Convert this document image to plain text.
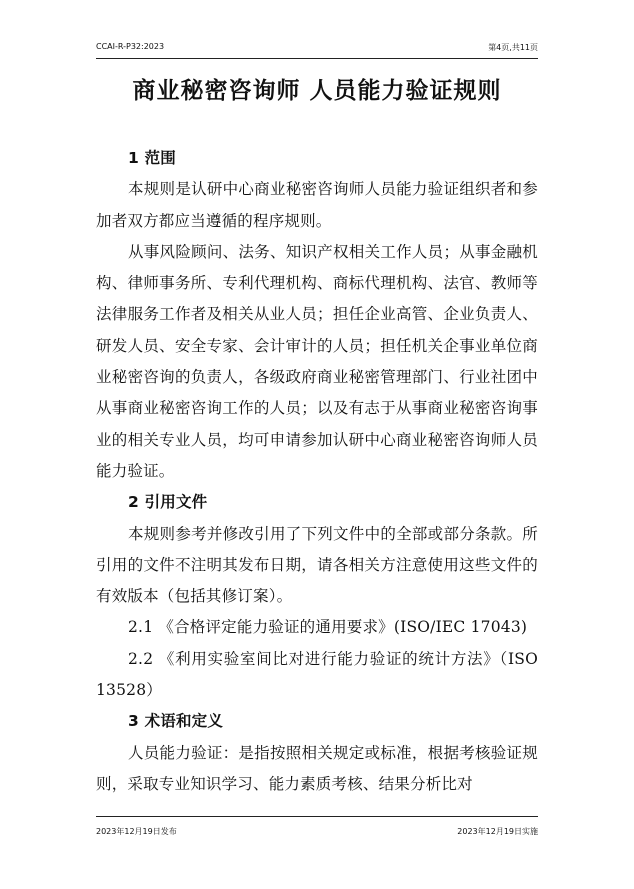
CCAI-R-P32:2023	第4页,共11页
商业秘密咨询师 人员能力验证规则
1 范围
本规则是认研中心商业秘密咨询师人员能力验证组织者和参加者双方都应当遵循的程序规则。
从事风险顾问、法务、知识产权相关工作人员；从事金融机构、律师事务所、专利代理机构、商标代理机构、法官、教师等法律服务工作者及相关从业人员；担任企业高管、企业负责人、研发人员、安全专家、会计审计的人员；担任机关企事业单位商业秘密咨询的负责人，各级政府商业秘密管理部门、行业社团中从事商业秘密咨询工作的人员；以及有志于从事商业秘密咨询事业的相关专业人员，均可申请参加认研中心商业秘密咨询师人员能力验证。
2 引用文件
本规则参考并修改引用了下列文件中的全部或部分条款。所引用的文件不注明其发布日期，请各相关方注意使用这些文件的有效版本（包括其修订案）。
2.1 《合格评定能力验证的通用要求》(ISO/IEC 17043)
2.2 《利用实验室间比对进行能力验证的统计方法》（ISO 13528）
3 术语和定义
人员能力验证：是指按照相关规定或标准，根据考核验证规则，采取专业知识学习、能力素质考核、结果分析比对
2023年12月19日发布	2023年12月19日实施
